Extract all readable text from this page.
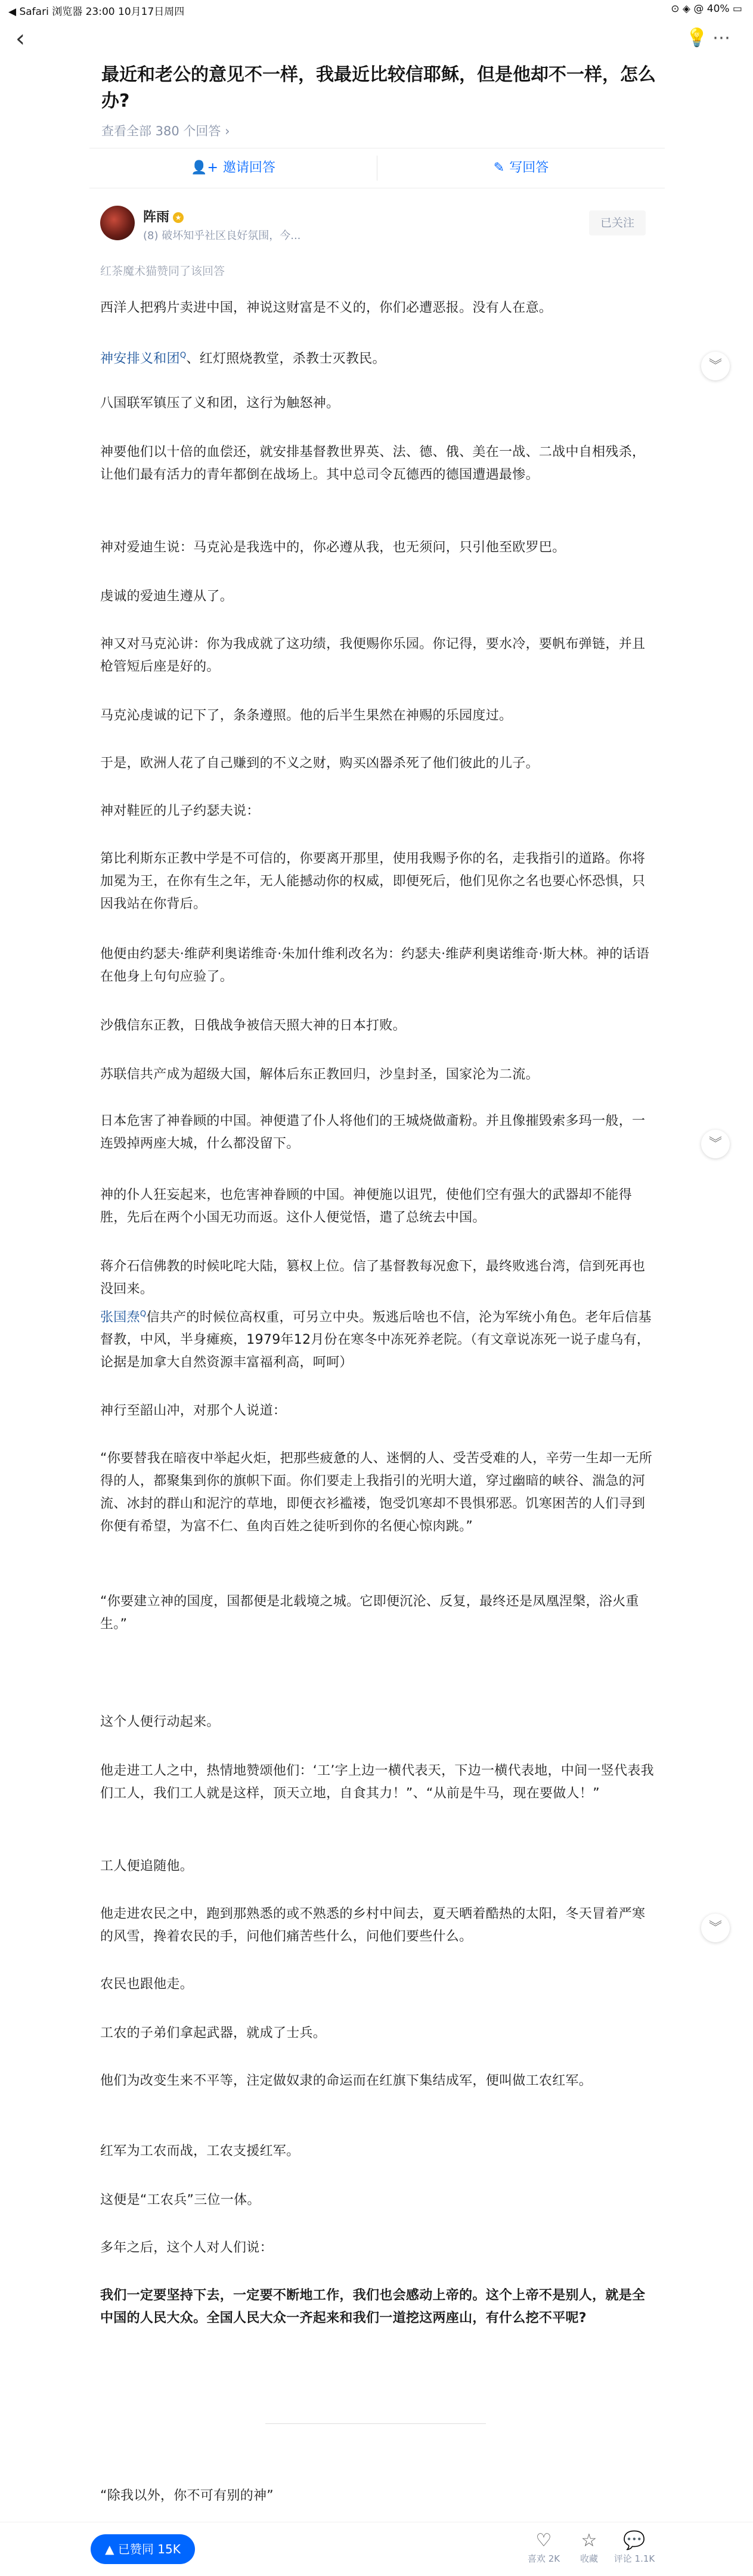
◀ Safari 浏览器 23:00 10月17日周四	⊙ ◈ @ 40% ▭
‹	💡 ⋯
最近和老公的意见不一样，我最近比较信耶稣，但是他却不一样，怎么办?
查看全部 380 个回答 ›
👤+ 邀请回答	✎ 写回答
阵雨 ★
(8) 破坏知乎社区良好氛围，今...
已关注
红茶魔术猫赞同了该回答
西洋人把鸦片卖进中国，神说这财富是不义的，你们必遭恶报。没有人在意。
神安排义和团$^Q$、红灯照烧教堂，杀教士灭教民。
八国联军镇压了义和团，这行为触怒神。
神要他们以十倍的血偿还，就安排基督教世界英、法、德、俄、美在一战、二战中自相残杀，让他们最有活力的青年都倒在战场上。其中总司令瓦德西的德国遭遇最惨。
神对爱迪生说：马克沁是我选中的，你必遵从我，也无须问，只引他至欧罗巴。
虔诚的爱迪生遵从了。
神又对马克沁讲：你为我成就了这功绩，我便赐你乐园。你记得，要水冷，要帆布弹链，并且枪管短后座是好的。
马克沁虔诚的记下了，条条遵照。他的后半生果然在神赐的乐园度过。
于是，欧洲人花了自己赚到的不义之财，购买凶器杀死了他们彼此的儿子。
神对鞋匠的儿子约瑟夫说：
第比利斯东正教中学是不可信的，你要离开那里，使用我赐予你的名，走我指引的道路。你将加冕为王，在你有生之年，无人能撼动你的权威，即便死后，他们见你之名也要心怀恐惧，只因我站在你背后。
他便由约瑟夫·维萨利奥诺维奇·朱加什维利改名为：约瑟夫·维萨利奥诺维奇·斯大林。神的话语在他身上句句应验了。
沙俄信东正教，日俄战争被信天照大神的日本打败。
苏联信共产成为超级大国，解体后东正教回归，沙皇封圣，国家沦为二流。
日本危害了神眷顾的中国。神便遣了仆人将他们的王城烧做齑粉。并且像摧毁索多玛一般，一连毁掉两座大城，什么都没留下。
神的仆人狂妄起来，也危害神眷顾的中国。神便施以诅咒，使他们空有强大的武器却不能得胜，先后在两个小国无功而返。这仆人便觉悟，遣了总统去中国。
蒋介石信佛教的时候叱咤大陆，篡权上位。信了基督教每况愈下，最终败逃台湾，信到死再也没回来。
张国焘$^Q$信共产的时候位高权重，可另立中央。叛逃后啥也不信，沦为军统小角色。老年后信基督教，中风，半身瘫痪，1979年12月份在寒冬中冻死养老院。（有文章说冻死一说子虚乌有，论据是加拿大自然资源丰富福利高，呵呵）
神行至韶山冲，对那个人说道：
“你要替我在暗夜中举起火炬，把那些疲惫的人、迷惘的人、受苦受难的人，辛劳一生却一无所得的人，都聚集到你的旗帜下面。你们要走上我指引的光明大道，穿过幽暗的峡谷、湍急的河流、冰封的群山和泥泞的草地，即便衣衫褴褛，饱受饥寒却不畏惧邪恶。饥寒困苦的人们寻到你便有希望，为富不仁、鱼肉百姓之徒听到你的名便心惊肉跳。”
“你要建立神的国度，国都便是北载境之城。它即便沉沦、反复，最终还是凤凰涅槃，浴火重生。”
这个人便行动起来。
他走进工人之中，热情地赞颂他们：‘工’字上边一横代表天，下边一横代表地，中间一竖代表我们工人，我们工人就是这样，顶天立地，自食其力！”、“从前是牛马，现在要做人！”
工人便追随他。
他走进农民之中，跑到那熟悉的或不熟悉的乡村中间去，夏天晒着酷热的太阳，冬天冒着严寒的风雪，搀着农民的手，问他们痛苦些什么，问他们要些什么。
农民也跟他走。
工农的子弟们拿起武器，就成了士兵。
他们为改变生来不平等，注定做奴隶的命运而在红旗下集结成军，便叫做工农红军。
红军为工农而战，工农支援红军。
这便是“工农兵”三位一体。
多年之后，这个人对人们说：
我们一定要坚持下去，一定要不断地工作，我们也会感动上帝的。这个上帝不是别人，就是全中国的人民大众。全国人民大众一齐起来和我们一道挖这两座山，有什么挖不平呢?
“除我以外，你不可有别的神”
︾
︾
︾
▲ 已赞同 15K	♡
喜欢 2K
☆
收藏
💬
评论 1.1K
